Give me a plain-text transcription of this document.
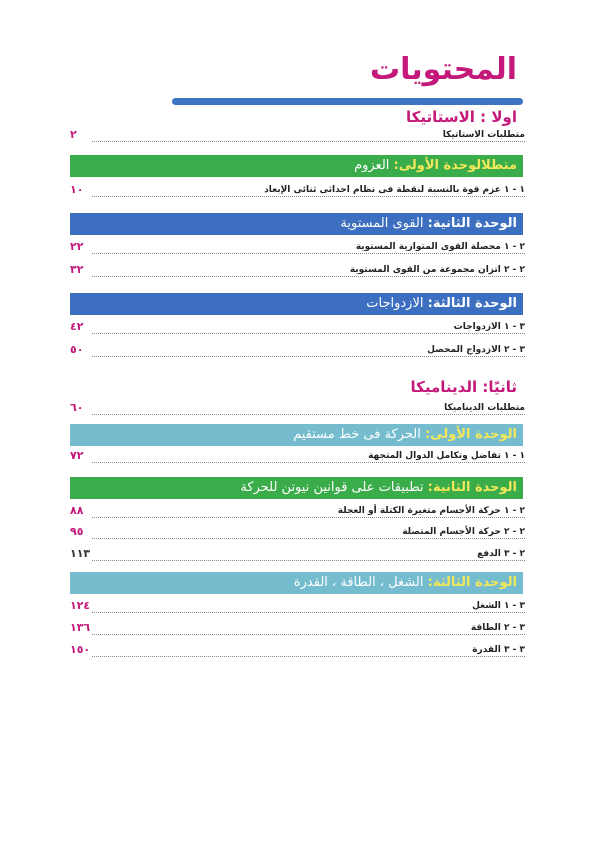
المحتويات
اولا : الاستاتيكا
متطلبات الاستاتيكا
٢
متطلالوحدة الأولى: العزوم
١ - ١ عزم قوة بالنسبة لنقطة فى نظام احداثى ثنائى الإبعاد
١٠
الوحدة الثانية: القوى المستوية
٢ - ١ محصلة القوى المتوازية المستوية
٢٢
٢ - ٢ اتزان مجموعة من القوى المستوية
٣٢
الوحدة الثالثة: الازدواجات
٣ - ١ الازدواجات
٤٢
٣ - ٢ الازدواج المحصل
٥٠
ثانيًا: الديناميكا
متطلبات الديناميكا
٦٠
الوحدة الأولى: الحركة فى خط مستقيم
١ - ١ تفاضل وتكامل الدوال المتجهة
٧٢
الوحدة الثانية: تطبيقات على قوانين نيوتن للحركة
٢ - ١ حركة الأجسام متغيرة الكتلة أو العجلة
٨٨
٢ - ٢ حركة الأجسام المتصلة
٩٥
٢ - ٣ الدفع
١١٣
الوحدة الثالثة: الشغل ، الطاقة ، القدرة
٣ - ١ الشغل
١٢٤
٣ - ٢ الطاقة
١٣٦
٣ - ٣ القدرة
١٥٠
